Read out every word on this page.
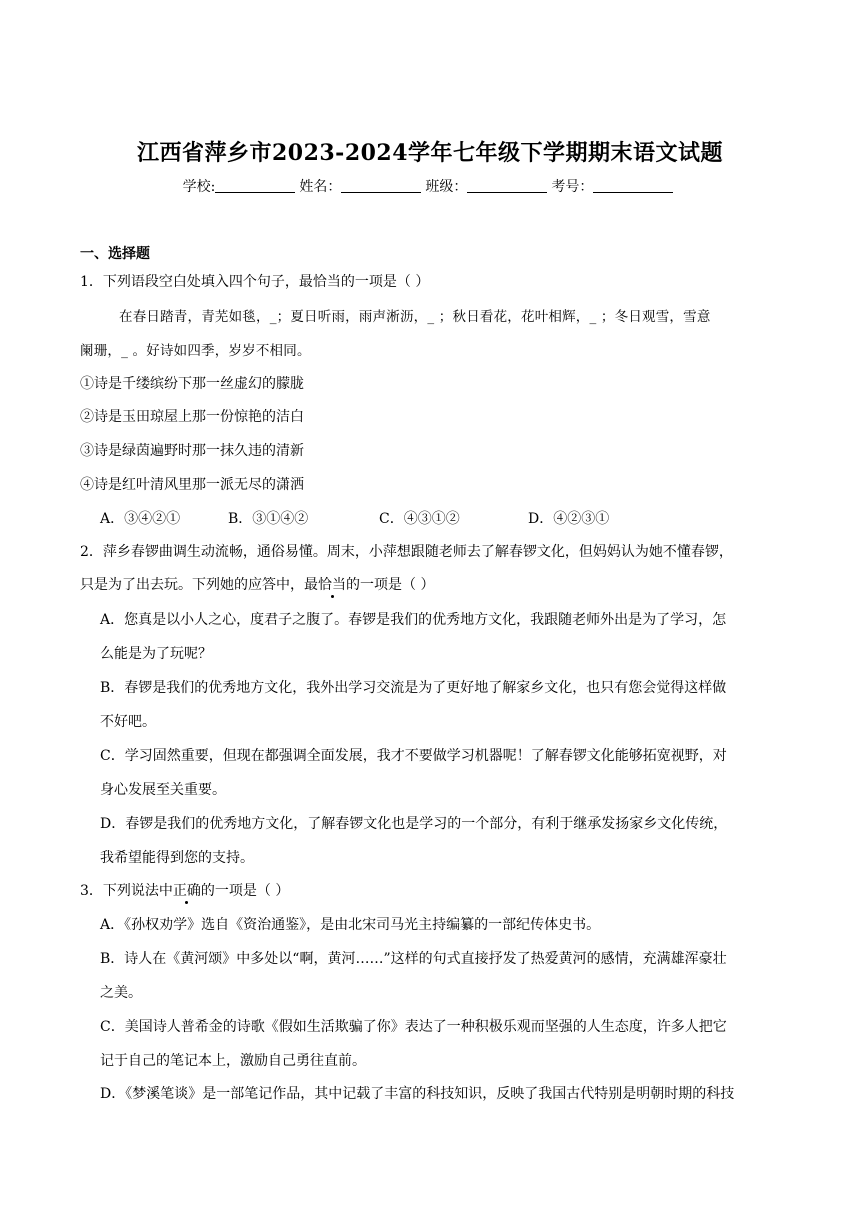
江西省萍乡市2023-2024学年七年级下学期期末语文试题
学校:	姓名：	班级：	考号：
一、选择题
1．下列语段空白处填入四个句子，最恰当的一项是（ ）
在春日踏青，青芜如毯，_；夏日听雨，雨声淅沥，_ ；秋日看花，花叶相辉，_ ；冬日观雪，雪意
阑珊，_ 。好诗如四季，岁岁不相同。
①诗是千缕缤纷下那一丝虚幻的朦胧
②诗是玉田琼屋上那一份惊艳的洁白
③诗是绿茵遍野时那一抹久违的清新
④诗是红叶清风里那一派无尽的潇洒
A．③④②①	B．③①④②	C．④③①②	D．④②③①
2．萍乡春锣曲调生动流畅，通俗易懂。周末，小萍想跟随老师去了解春锣文化，但妈妈认为她不懂春锣，
只是为了出去玩。下列她的应答中，最恰当的一项是（ ）
A．您真是以小人之心，度君子之腹了。春锣是我们的优秀地方文化，我跟随老师外出是为了学习，怎
么能是为了玩呢？
B．春锣是我们的优秀地方文化，我外出学习交流是为了更好地了解家乡文化，也只有您会觉得这样做
不好吧。
C．学习固然重要，但现在都强调全面发展，我才不要做学习机器呢！了解春锣文化能够拓宽视野，对
身心发展至关重要。
D．春锣是我们的优秀地方文化，了解春锣文化也是学习的一个部分，有利于继承发扬家乡文化传统，
我希望能得到您的支持。
3．下列说法中正确的一项是（ ）
A．《孙权劝学》选自《资治通鉴》，是由北宋司马光主持编纂的一部纪传体史书。
B．诗人在《黄河颂》中多处以“啊，黄河……”这样的句式直接抒发了热爱黄河的感情，充满雄浑豪壮
之美。
C．美国诗人普希金的诗歌《假如生活欺骗了你》表达了一种积极乐观而坚强的人生态度，许多人把它
记于自己的笔记本上，激励自己勇往直前。
D．《梦溪笔谈》是一部笔记作品，其中记载了丰富的科技知识，反映了我国古代特别是明朝时期的科技
